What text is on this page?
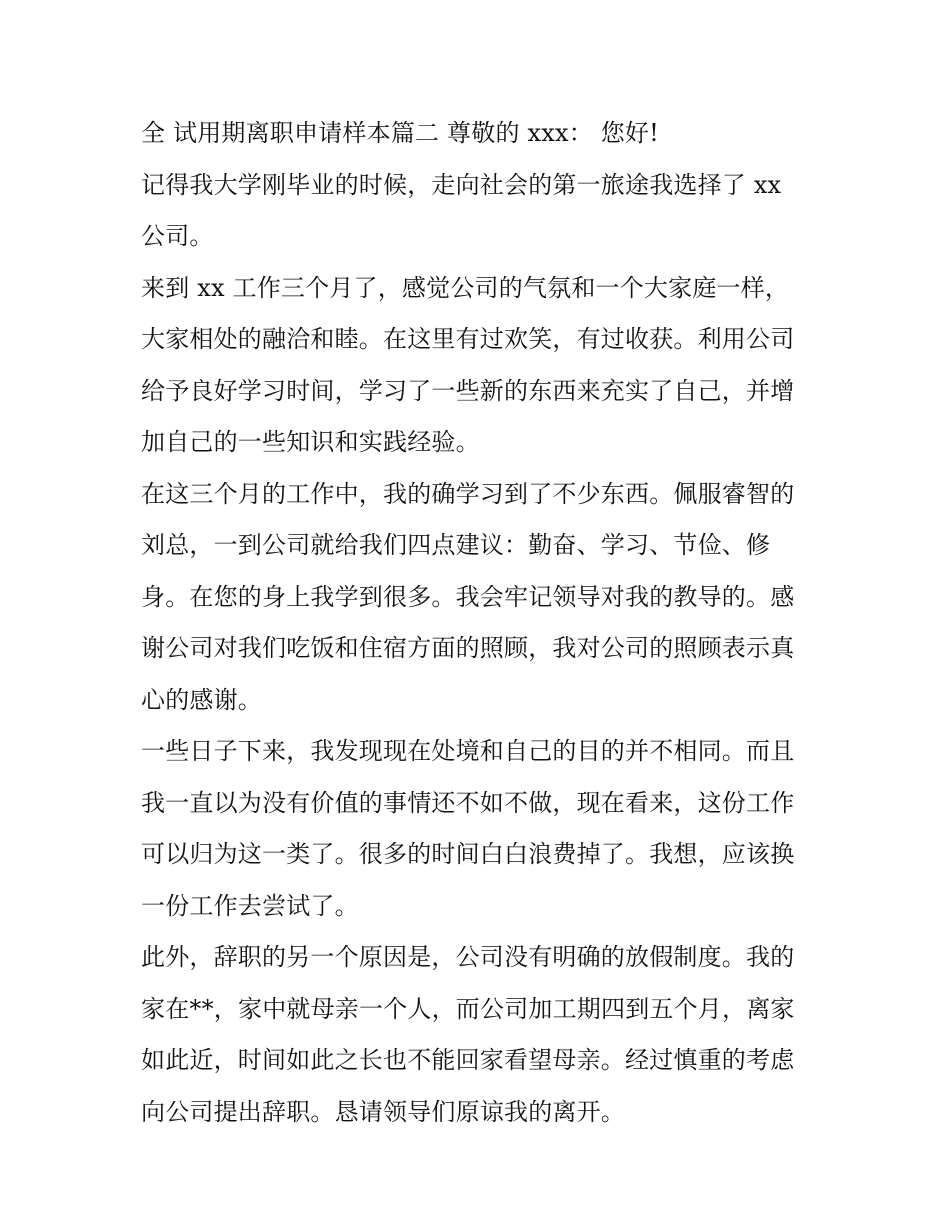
全 试用期离职申请样本篇二 尊敬的 xxx： 您好!
记得我大学刚毕业的时候，走向社会的第一旅途我选择了 xx
公司。
来到 xx 工作三个月了，感觉公司的气氛和一个大家庭一样，
大家相处的融洽和睦。在这里有过欢笑，有过收获。利用公司
给予良好学习时间，学习了一些新的东西来充实了自己，并增
加自己的一些知识和实践经验。
在这三个月的工作中，我的确学习到了不少东西。佩服睿智的
刘总，一到公司就给我们四点建议：勤奋、学习、节俭、修
身。在您的身上我学到很多。我会牢记领导对我的教导的。感
谢公司对我们吃饭和住宿方面的照顾，我对公司的照顾表示真
心的感谢。
一些日子下来，我发现现在处境和自己的目的并不相同。而且
我一直以为没有价值的事情还不如不做，现在看来，这份工作
可以归为这一类了。很多的时间白白浪费掉了。我想，应该换
一份工作去尝试了。
此外，辞职的另一个原因是，公司没有明确的放假制度。我的
家在**，家中就母亲一个人，而公司加工期四到五个月，离家
如此近，时间如此之长也不能回家看望母亲。经过慎重的考虑
向公司提出辞职。恳请领导们原谅我的离开。
